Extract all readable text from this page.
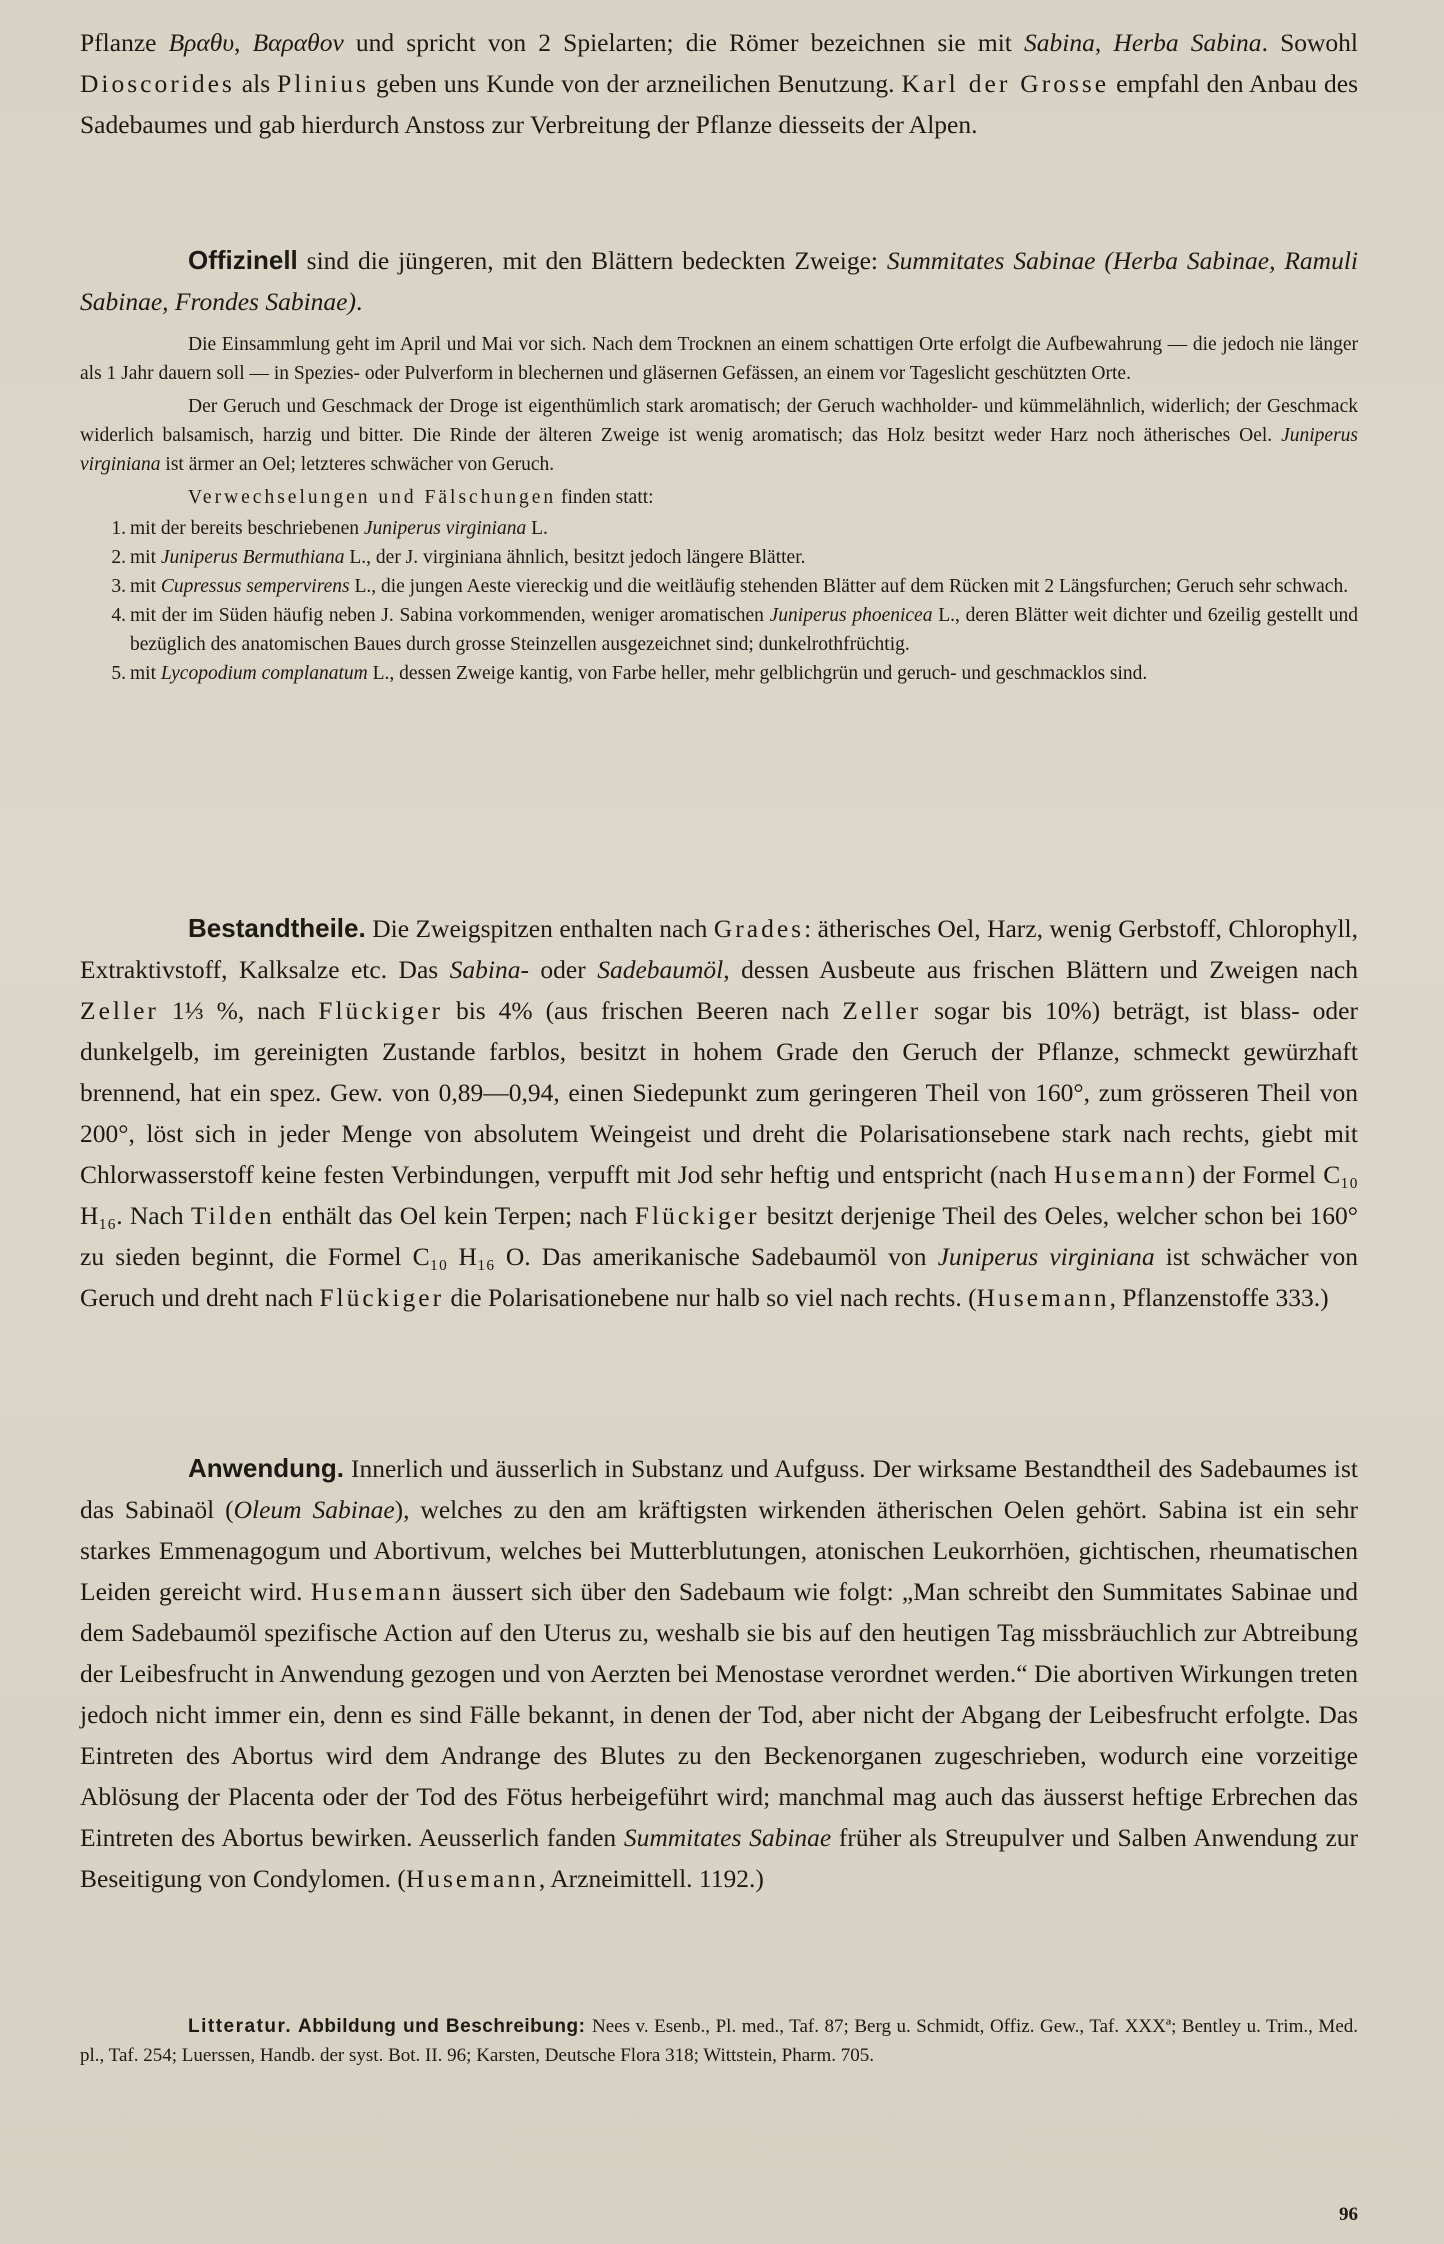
Pflanze Βραθυ, Βαραθον und spricht von 2 Spielarten; die Römer bezeichnen sie mit Sabina, Herba Sabina. Sowohl Dioscorides als Plinius geben uns Kunde von der arzneilichen Benutzung. Karl der Grosse empfahl den Anbau des Sadebaumes und gab hierdurch Anstoss zur Verbreitung der Pflanze diesseits der Alpen.

Offizinell sind die jüngeren, mit den Blättern bedeckten Zweige: Summitates Sabinae (Herba Sabinae, Ramuli Sabinae, Frondes Sabinae).

Die Einsammlung geht im April und Mai vor sich. Nach dem Trocknen an einem schattigen Orte erfolgt die Aufbewahrung — die jedoch nie länger als 1 Jahr dauern soll — in Spezies- oder Pulverform in blechernen und gläsernen Gefässen, an einem vor Tageslicht geschützten Orte.

Der Geruch und Geschmack der Droge ist eigenthümlich stark aromatisch; der Geruch wachholder- und kümmelähnlich, widerlich; der Geschmack widerlich balsamisch, harzig und bitter. Die Rinde der älteren Zweige ist wenig aromatisch; das Holz besitzt weder Harz noch ätherisches Oel. Juniperus virginiana ist ärmer an Oel; letzteres schwächer von Geruch.

Verwechselungen und Fälschungen finden statt:

1. mit der bereits beschriebenen Juniperus virginiana L.
2. mit Juniperus Bermuthiana L., der J. virginiana ähnlich, besitzt jedoch längere Blätter.
3. mit Cupressus sempervirens L., die jungen Aeste viereckig und die weitläufig stehenden Blätter auf dem Rücken mit 2 Längsfurchen; Geruch sehr schwach.
4. mit der im Süden häufig neben J. Sabina vorkommenden, weniger aromatischen Juniperus phoenicea L., deren Blätter weit dichter und 6zeilig gestellt und bezüglich des anatomischen Baues durch grosse Steinzellen ausgezeichnet sind; dunkelrothfrüchtig.
5. mit Lycopodium complanatum L., dessen Zweige kantig, von Farbe heller, mehr gelblichgrün und geruch- und geschmacklos sind.

Bestandtheile. Die Zweigspitzen enthalten nach Grades: ätherisches Oel, Harz, wenig Gerbstoff, Chlorophyll, Extraktivstoff, Kalksalze etc. Das Sabina- oder Sadebaumöl, dessen Ausbeute aus frischen Blättern und Zweigen nach Zeller 1⅓ %, nach Flückiger bis 4% (aus frischen Beeren nach Zeller sogar bis 10%) beträgt, ist blass- oder dunkelgelb, im gereinigten Zustande farblos, besitzt in hohem Grade den Geruch der Pflanze, schmeckt gewürzhaft brennend, hat ein spez. Gew. von 0,89—0,94, einen Siedepunkt zum geringeren Theil von 160°, zum grösseren Theil von 200°, löst sich in jeder Menge von absolutem Weingeist und dreht die Polarisationsebene stark nach rechts, giebt mit Chlorwasserstoff keine festen Verbindungen, verpufft mit Jod sehr heftig und entspricht (nach Husemann) der Formel C₁₀ H₁₆. Nach Tilden enthält das Oel kein Terpen; nach Flückiger besitzt derjenige Theil des Oeles, welcher schon bei 160° zu sieden beginnt, die Formel C₁₀ H₁₆ O. Das amerikanische Sadebaumöl von Juniperus virginiana ist schwächer von Geruch und dreht nach Flückiger die Polarisationebene nur halb so viel nach rechts. (Husemann, Pflanzenstoffe 333.)

Anwendung. Innerlich und äusserlich in Substanz und Aufguss. Der wirksame Bestandtheil des Sadebaumes ist das Sabinaöl (Oleum Sabinae), welches zu den am kräftigsten wirkenden ätherischen Oelen gehört. Sabina ist ein sehr starkes Emmenagogum und Abortivum, welches bei Mutterblutungen, atonischen Leukorrhöen, gichtischen, rheumatischen Leiden gereicht wird. Husemann äussert sich über den Sadebaum wie folgt: „Man schreibt den Summitates Sabinae und dem Sadebaumöl spezifische Action auf den Uterus zu, weshalb sie bis auf den heutigen Tag missbräuchlich zur Abtreibung der Leibesfrucht in Anwendung gezogen und von Aerzten bei Menostase verordnet werden.“ Die abortiven Wirkungen treten jedoch nicht immer ein, denn es sind Fälle bekannt, in denen der Tod, aber nicht der Abgang der Leibesfrucht erfolgte. Das Eintreten des Abortus wird dem Andrange des Blutes zu den Beckenorganen zugeschrieben, wodurch eine vorzeitige Ablösung der Placenta oder der Tod des Fötus herbeigeführt wird; manchmal mag auch das äusserst heftige Erbrechen das Eintreten des Abortus bewirken. Aeusserlich fanden Summitates Sabinae früher als Streupulver und Salben Anwendung zur Beseitigung von Condylomen. (Husemann, Arzneimittell. 1192.)

Litteratur. Abbildung und Beschreibung: Nees v. Esenb., Pl. med., Taf. 87; Berg u. Schmidt, Offiz. Gew., Taf. XXXª; Bentley u. Trim., Med. pl., Taf. 254; Luerssen, Handb. der syst. Bot. II. 96; Karsten, Deutsche Flora 318; Wittstein, Pharm. 705.

96
